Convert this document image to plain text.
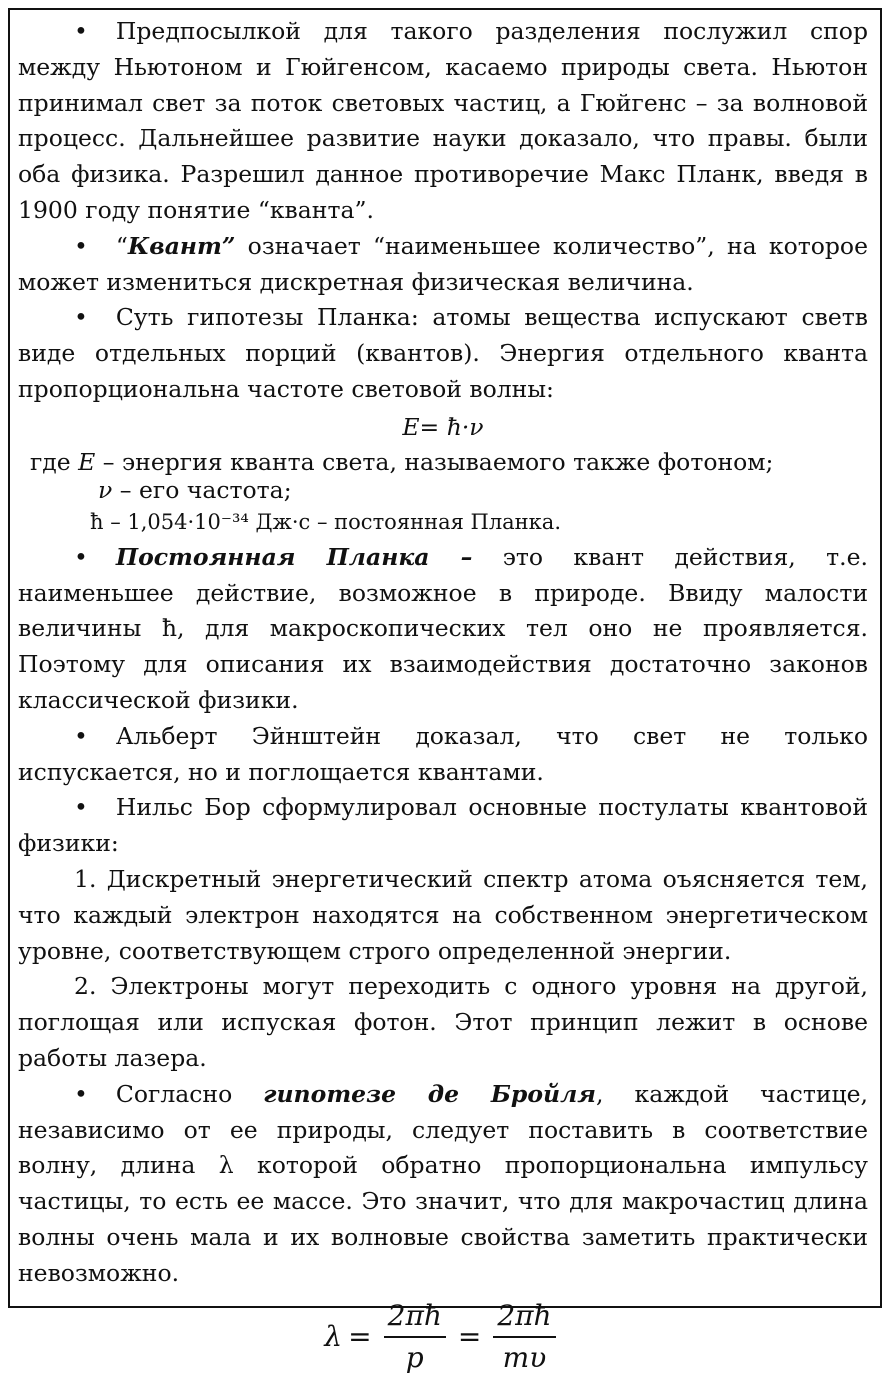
• Предпосылкой для такого разделения послужил спор между Ньютоном и Гюйгенсом, касаемо природы света. Ньютон принимал свет за поток световых частиц, а Гюйгенс – за волновой процесс. Дальнейшее развитие науки доказало, что правы. были оба физика. Разрешил данное противоречие Макс Планк, введя в 1900 году понятие “кванта”.

• “Квант” означает “наименьшее количество”, на которое может измениться дискретная физическая величина.

• Суть гипотезы Планка: атомы вещества испускают светв виде отдельных порций (квантов). Энергия отдельного кванта пропорциональна частоте световой волны:

E= ħ·ν

где E – энергия кванта света, называемого также фотоном;

ν – его частота;

ħ – 1,054·10⁻³⁴ Дж·с – постоянная Планка.

• Постоянная Планка – это квант действия, т.е. наименьшее действие, возможное в природе. Ввиду малости величины ħ, для макроскопических тел оно не проявляется. Поэтому для описания их взаимодействия достаточно законов классической физики.

• Альберт Эйнштейн доказал, что свет не только испускается, но и поглощается квантами.

• Нильс Бор сформулировал основные постулаты квантовой физики:

1. Дискретный энергетический спектр атома оъясняется тем, что каждый электрон находятся на собственном энергетическом уровне, соответствующем строго определенной энергии.

2. Электроны могут переходить с одного уровня на другой, поглощая или испуская фотон. Этот принцип лежит в основе работы лазера.

• Согласно гипотезе де Бройля, каждой частице, независимо от ее природы, следует поставить в соответствие волну, длина λ которой обратно пропорциональна импульсу частицы, то есть ее массе. Это значит, что для макрочастиц длина волны очень мала и их волновые свойства заметить практически невозможно.

$\lambda = \frac{2\pi ħ}{p} = \frac{2\pi ħ}{m\upsilon}$
